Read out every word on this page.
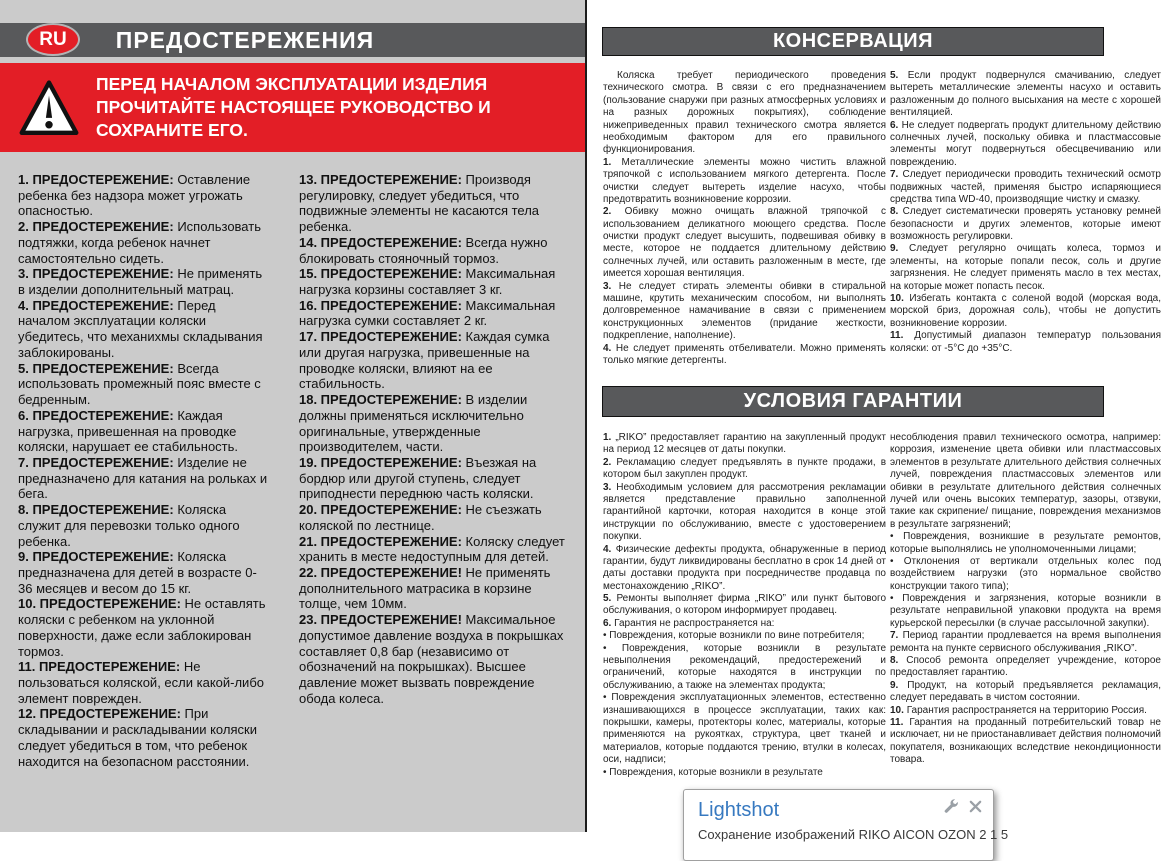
RU	ПРЕДОСТЕРЕЖЕНИЯ
ПЕРЕД НАЧАЛОМ ЭКСПЛУАТАЦИИ ИЗДЕЛИЯ ПРОЧИТАЙТЕ НАСТОЯЩЕЕ РУКОВОДСТВО И СОХРАНИТЕ ЕГО.

1. ПРЕДОСТЕРЕЖЕНИЕ: Оставление ребенка без надзора может угрожать опасностью.

2. ПРЕДОСТЕРЕЖЕНИЕ: Использовать подтяжки, когда ребенок начнет самостоятельно сидеть.

3. ПРЕДОСТЕРЕЖЕНИЕ: Не применять в изделии дополнительный матрац.

4. ПРЕДОСТЕРЕЖЕНИЕ: Перед началом эксплуатации коляски убедитесь, что механихмы складывания заблокированы.

5. ПРЕДОСТЕРЕЖЕНИЕ: Всегда использовать промежный пояс вместе с бедренным.

6. ПРЕДОСТЕРЕЖЕНИЕ: Каждая нагрузка, привешенная на проводке коляски, нарушает ее стабильность.

7. ПРЕДОСТЕРЕЖЕНИЕ: Изделие не предназначено для катания на рольках и бега.

8. ПРЕДОСТЕРЕЖЕНИЕ: Коляска служит для перевозки только одного ребенка.

9. ПРЕДОСТЕРЕЖЕНИЕ: Коляска предназначена для детей в возрасте 0-36 месяцев и весом до 15 кг.

10. ПРЕДОСТЕРЕЖЕНИЕ: Не оставлять коляски с ребенком на уклонной поверхности, даже если заблокирован тормоз.

11. ПРЕДОСТЕРЕЖЕНИЕ: Не пользоваться коляской, если какой-либо элемент поврежден.

12. ПРЕДОСТЕРЕЖЕНИЕ: При складывании и раскладывании коляски следует убедиться в том, что ребенок находится на безопасном расстоянии.

13. ПРЕДОСТЕРЕЖЕНИЕ: Производя регулировку, следует убедиться, что подвижные элементы не касаются тела ребенка.

14. ПРЕДОСТЕРЕЖЕНИЕ: Всегда нужно блокировать стояночный тормоз.

15. ПРЕДОСТЕРЕЖЕНИЕ: Максимальная нагрузка корзины составляет 3 кг.

16. ПРЕДОСТЕРЕЖЕНИЕ: Максимальная нагрузка сумки составляет 2 кг.

17. ПРЕДОСТЕРЕЖЕНИЕ: Каждая сумка или другая нагрузка, привешенные на проводке коляски, влияют на ее стабильность.

18. ПРЕДОСТЕРЕЖЕНИЕ: В изделии должны применяться исключительно оригинальные, утвержденные производителем, части.

19. ПРЕДОСТЕРЕЖЕНИЕ: Въезжая на бордюр или другой ступень, следует приподнести переднюю часть коляски.

20. ПРЕДОСТЕРЕЖЕНИЕ: Не съезжать коляской по лестнице.

21. ПРЕДОСТЕРЕЖЕНИЕ: Коляску следует хранить в месте недоступным для детей.

22. ПРЕДОСТЕРЕЖЕНИЕ! Не применять дополнительного матрасика в корзине толще, чем 10мм.

23. ПРЕДОСТЕРЕЖЕНИЕ! Максимальное допустимое давление воздуха в покрышках составляет 0,8 бар (независимо от обозначений на покрышках). Высшее давление может вызвать повреждение обода колеса.

КОНСЕРВАЦИЯ

Коляска требует периодического проведения технического смотра. В связи с его предназначением (пользование снаружи при разных атмосферных условиях и на разных дорожных покрытиях), соблюдение нижеприведенных правил технического смотра является необходимым фактором для его правильного функционирования.

1. Металлические элементы можно чистить влажной тряпочкой с использованием мягкого детергента. После очистки следует вытереть изделие насухо, чтобы предотвратить возникновение коррозии.

2. Обивку можно очищать влажной тряпочкой с использованием деликатного моющего средства. После очистки продукт следует высушить, подвешивая обивку в месте, которое не поддается длительному действию солнечных лучей, или оставить разложенным в месте, где имеется хорошая вентиляция.

3. Не следует стирать элементы обивки в стиральной машине, крутить механическим способом, ни выполнять долговременное намачивание в связи с применением конструкционных элементов (придание жесткости, подкрепление, наполнение).

4. Не следует применять отбеливатели. Можно применять только мягкие детергенты.

5. Если продукт подвернулся смачиванию, следует вытереть металлические элементы насухо и оставить разложенным до полного высыхания на месте с хорошей вентиляцией.

6. Не следует подвергать продукт длительному действию солнечных лучей, поскольку обивка и пластмассовые элементы могут подвернуться обесцвечиванию или повреждению.

7. Следует периодически проводить технический осмотр подвижных частей, применяя быстро испаряющиеся средства типа WD-40, производящие чистку и смазку.

8. Следует систематически проверять установку ремней безопасности и других элементов, которые имеют возможность регулировки.

9. Следует регулярно очищать колеса, тормоз и элементы, на которые попали песок, соль и другие загрязнения. Не следует применять масло в тех местах, на которые может попасть песок.

10. Избегать контакта с соленой водой (морская вода, морской бриз, дорожная соль), чтобы не допустить возникновение коррозии.

11. Допустимый диапазон температур пользования коляски: от -5°С до +35°С.

УСЛОВИЯ ГАРАНТИИ

1. „RIKO” предоставляет гарантию на закупленный продукт на период 12 месяцев от даты покупки.

2. Рекламацию следует предъявлять в пункте продажи, в котором был закуплен продукт.

3. Необходимым условием для рассмотрения рекламации является представление правильно заполненной гарантийной карточки, которая находится в конце этой инструкции по обслуживанию, вместе с удостоверением покупки.

4. Физические дефекты продукта, обнаруженные в период гарантии, будут ликвидированы бесплатно в срок 14 дней от даты доставки продукта при посредничестве продавца по местонахождению „RIKO”.

5. Ремонты выполняет фирма „RIKO” или пункт бытового обслуживания, о котором информирует продавец.

6. Гарантия не распространяется на:

• Повреждения, которые возникли по вине потребителя;

• Повреждения, которые возникли в результате невыполнения рекомендаций, предостережений и ограничений, которые находятся в инструкции по обслуживанию, а также на элементах продукта;

• Повреждения эксплуатационных элементов, естественно изнашивающихся в процессе эксплуатации, таких как: покрышки, камеры, протекторы колес, материалы, которые применяются на рукоятках, структура, цвет тканей и материалов, которые поддаются трению, втулки в колесах, оси, надписи;

• Повреждения, которые возникли в результате

несоблюдения правил технического осмотра, например: коррозия, изменение цвета обивки или пластмассовых элементов в результате длительного действия солнечных лучей, повреждения пластмассовых элементов или обивки в результате длительного действия солнечных лучей или очень высоких температур, зазоры, отзвуки, такие как скрипение/ пищание, повреждения механизмов в результате загрязнений;

• Повреждения, возникшие в результате ремонтов, которые выполнялись не уполномоченными лицами;

• Отклонения от вертикали отдельных колес под воздействием нагрузки (это нормальное свойство конструкции такого типа);

• Повреждения и загрязнения, которые возникли в результате неправильной упаковки продукта на время курьерской пересылки (в случае рассылочной закупки).

7. Период гарантии продлевается на время выполнения ремонта на пункте сервисного обслуживания „RIKO”.

8. Способ ремонта определяет учреждение, которое предоставляет гарантию.

9. Продукт, на который предъявляется рекламация, следует передавать в чистом состоянии.

10. Гарантия распространяется на территорию Россия.

11. Гарантия на проданный потребительский товар не исключает, ни не приостанавливает действия полномочий покупателя, возникающих вследствие некондиционности товара.

Lightshot
Сохранение изображений RIKO AICON OZON 2 1 5
